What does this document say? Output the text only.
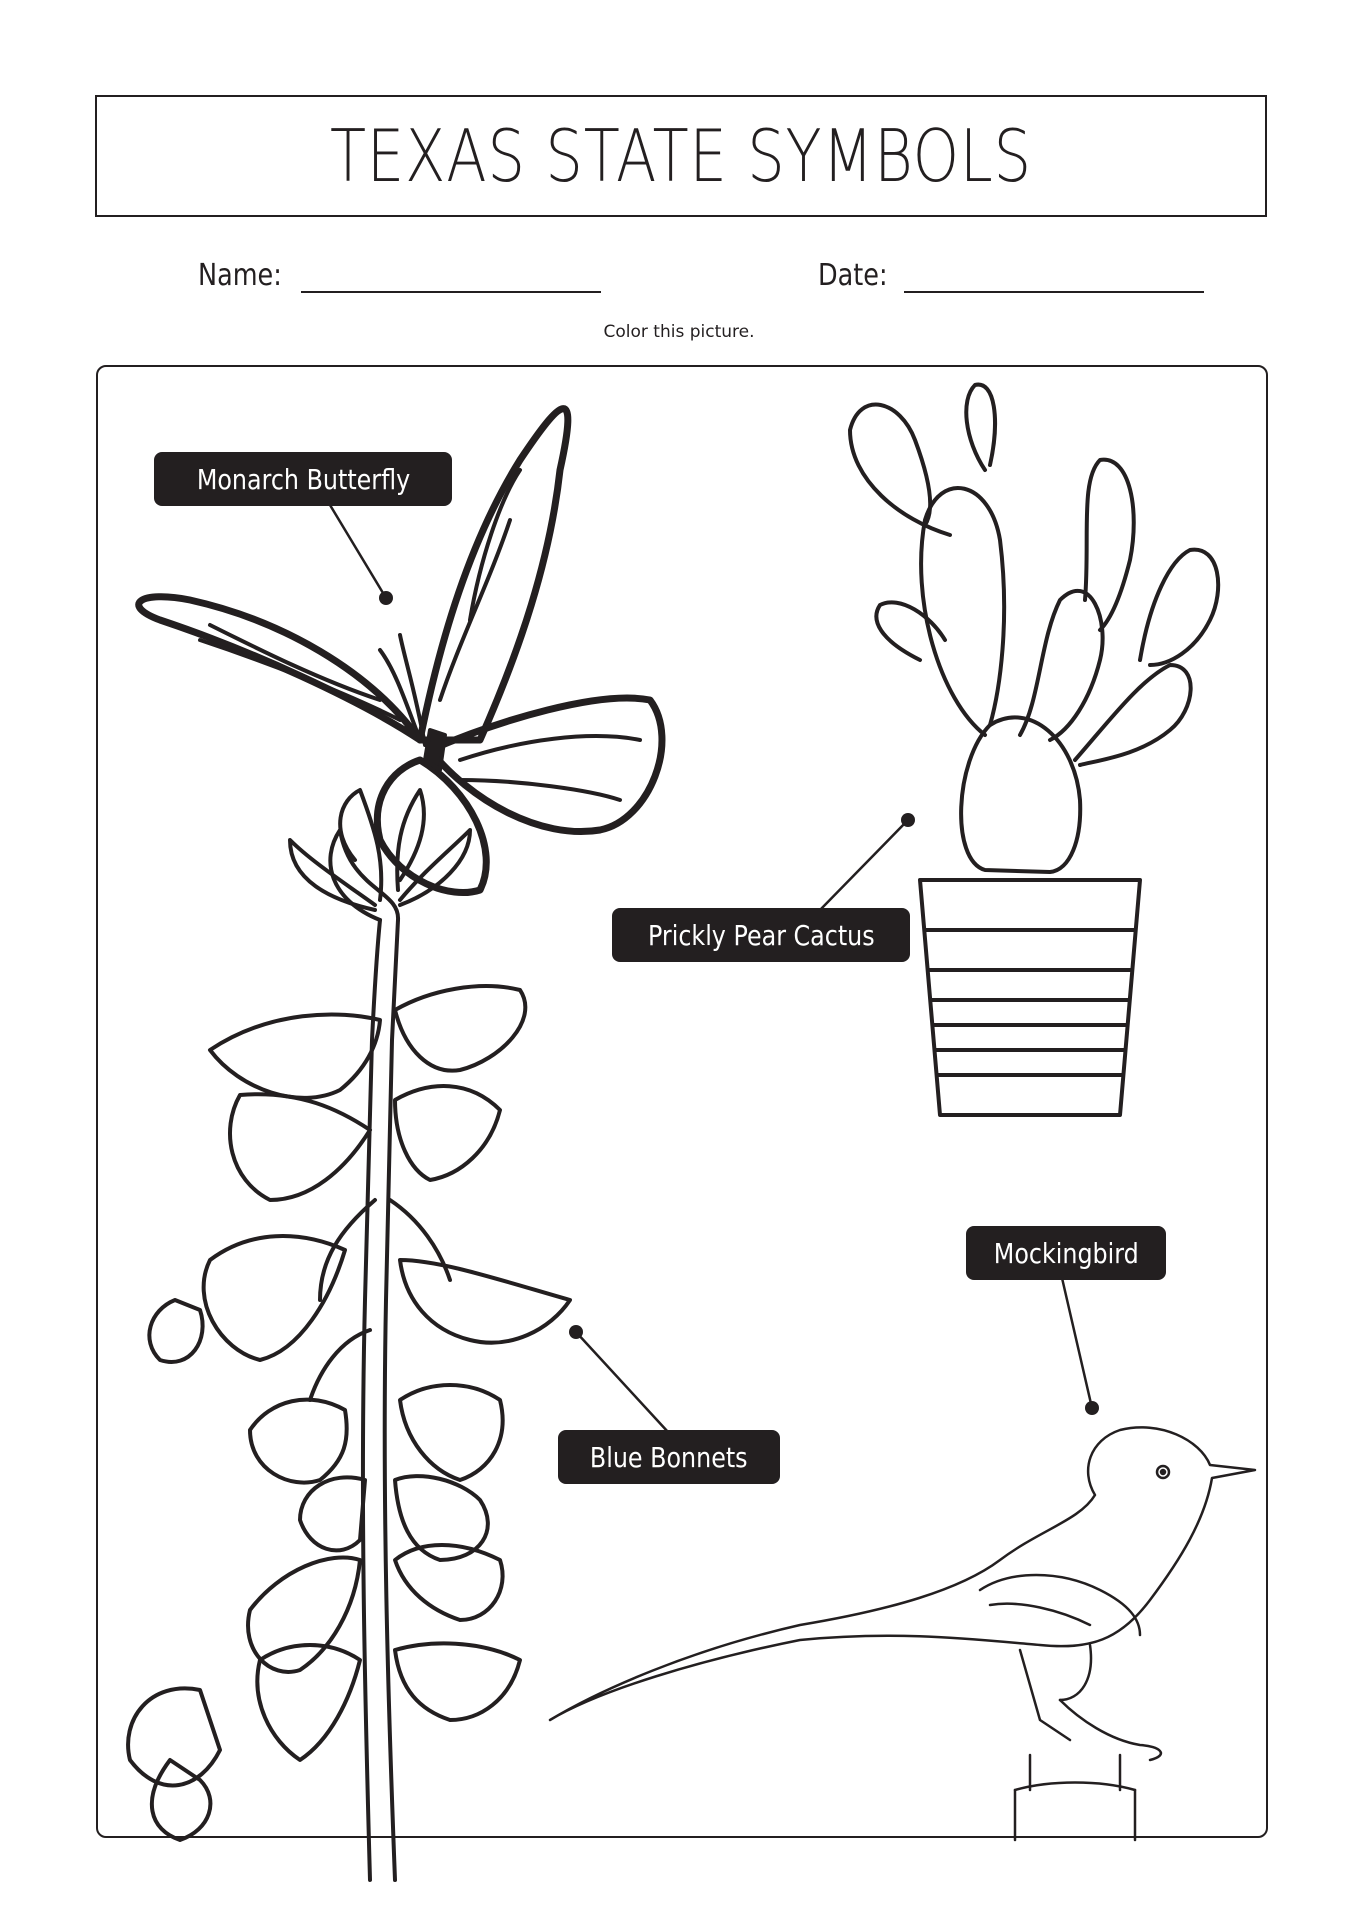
TEXAS STATE SYMBOLS
Name:	Date:
Color this picture.
Monarch Butterfly
Prickly Pear Cactus
Blue Bonnets
Mockingbird
